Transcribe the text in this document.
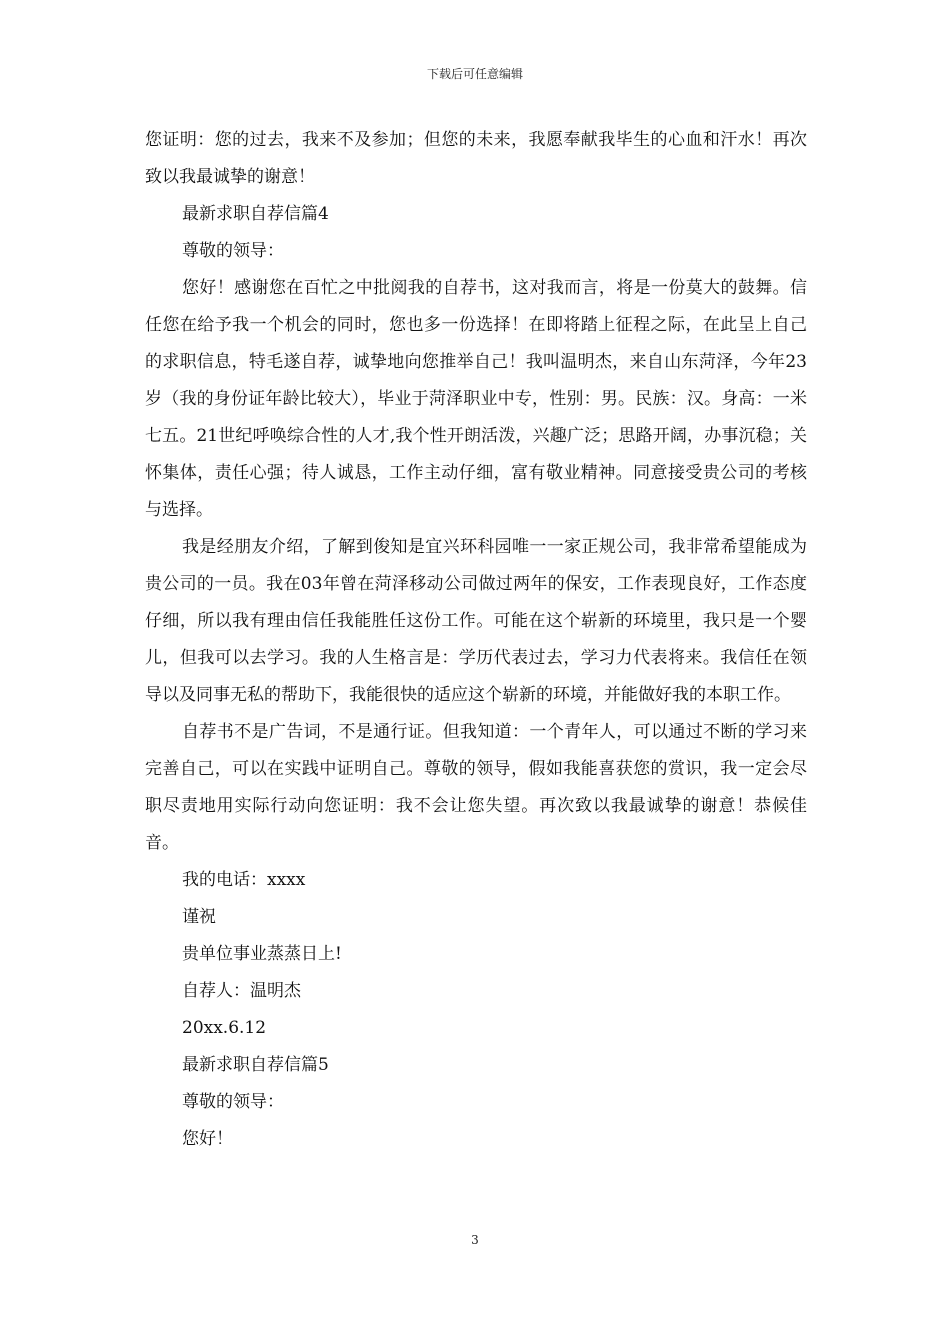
下载后可任意编辑

您证明：您的过去，我来不及参加；但您的未来，我愿奉献我毕生的心血和汗水！再次致以我最诚挚的谢意！

最新求职自荐信篇4

尊敬的领导：

您好！感谢您在百忙之中批阅我的自荐书，这对我而言，将是一份莫大的鼓舞。信任您在给予我一个机会的同时，您也多一份选择！在即将踏上征程之际，在此呈上自己的求职信息，特毛遂自荐，诚挚地向您推举自己！我叫温明杰，来自山东菏泽，今年23岁（我的身份证年龄比较大），毕业于菏泽职业中专，性别：男。民族：汉。身高：一米七五。21世纪呼唤综合性的人才,我个性开朗活泼，兴趣广泛；思路开阔，办事沉稳；关怀集体，责任心强；待人诚恳，工作主动仔细，富有敬业精神。同意接受贵公司的考核与选择。

我是经朋友介绍，了解到俊知是宜兴环科园唯一一家正规公司，我非常希望能成为贵公司的一员。我在03年曾在菏泽移动公司做过两年的保安，工作表现良好，工作态度仔细，所以我有理由信任我能胜任这份工作。可能在这个崭新的环境里，我只是一个婴儿，但我可以去学习。我的人生格言是：学历代表过去，学习力代表将来。我信任在领导以及同事无私的帮助下，我能很快的适应这个崭新的环境，并能做好我的本职工作。

自荐书不是广告词，不是通行证。但我知道：一个青年人，可以通过不断的学习来完善自己，可以在实践中证明自己。尊敬的领导，假如我能喜获您的赏识，我一定会尽职尽责地用实际行动向您证明：我不会让您失望。再次致以我最诚挚的谢意！恭候佳音。

我的电话：xxxx

谨祝

贵单位事业蒸蒸日上!

自荐人：温明杰

20xx.6.12

最新求职自荐信篇5

尊敬的领导：

您好！

3
